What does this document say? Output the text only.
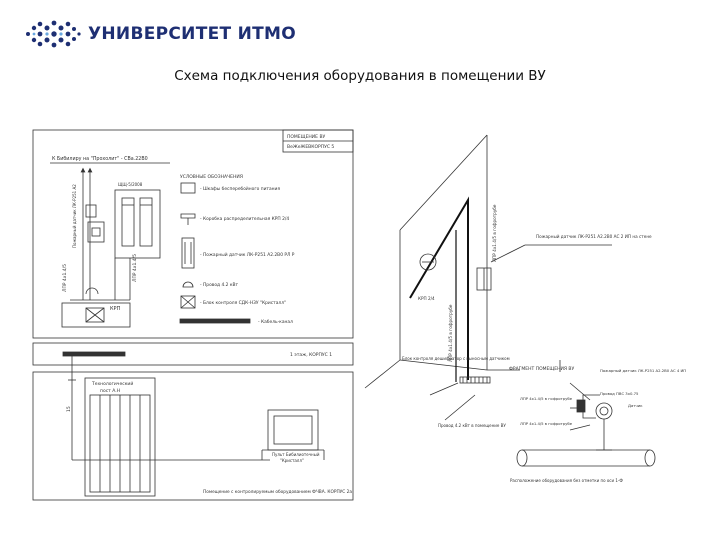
УНИВЕРСИТЕТ ИТМО
Схема подключения оборудования в помещении ВУ
ПОМЕЩЕНИЕ ВУ
ВеЖеЖЕВКОРПУС 5
К Бибилиру на "Прохолит" - СВа.22В0
УСЛОВНЫЕ ОБОЗНАЧЕНИЯ
ЩЩ-5/2008
Пожарный датчик ЛК-Р251 А2
ЛПР 4x1.4/5	ЛПР 4x1.4/5
КРП
- Шкафы бесперебойного питания
- Коробка распределительная КРП 2/4
- Пожарный датчик ЛК-Р251 А2.2В0 РЛ Р
- Провод 4.2 кВт
- Блок контроля СДК-Н3У "Кристалл"
- Кабель-канал
1 этаж, КОРПУС 1
Технологический
пост А.Н
15
Пульт Бибилиотечный
"Кристалл"
Помещение с контролируемым оборудованием ФЧВА. КОРПУС 2а
Пожарный датчик ЛК-Р251 А2.2В0 АС 2 ИП на стене
ЛПР 4x1.4/5 в гофротрубе
ЛПР 4x1.4/5 в гофротрубе
КРП 2/4
Блок контроля дешифратор с выносным датчиком
Провод 4.2 кВт в помещение ВУ
ФРАГМЕНТ ПОМЕЩЕНИЯ ВУ	Пожарный датчик ЛК-Р251 А2.2В0 АС 4 ИП
Провод ПВС 3x0.75
ЛПР 4x1.4/5 в гофротрубе
ЛПР 4x1.4/5 в гофротрубе
Датчик
Расположение оборудования без отметки по оси 1-Ф
